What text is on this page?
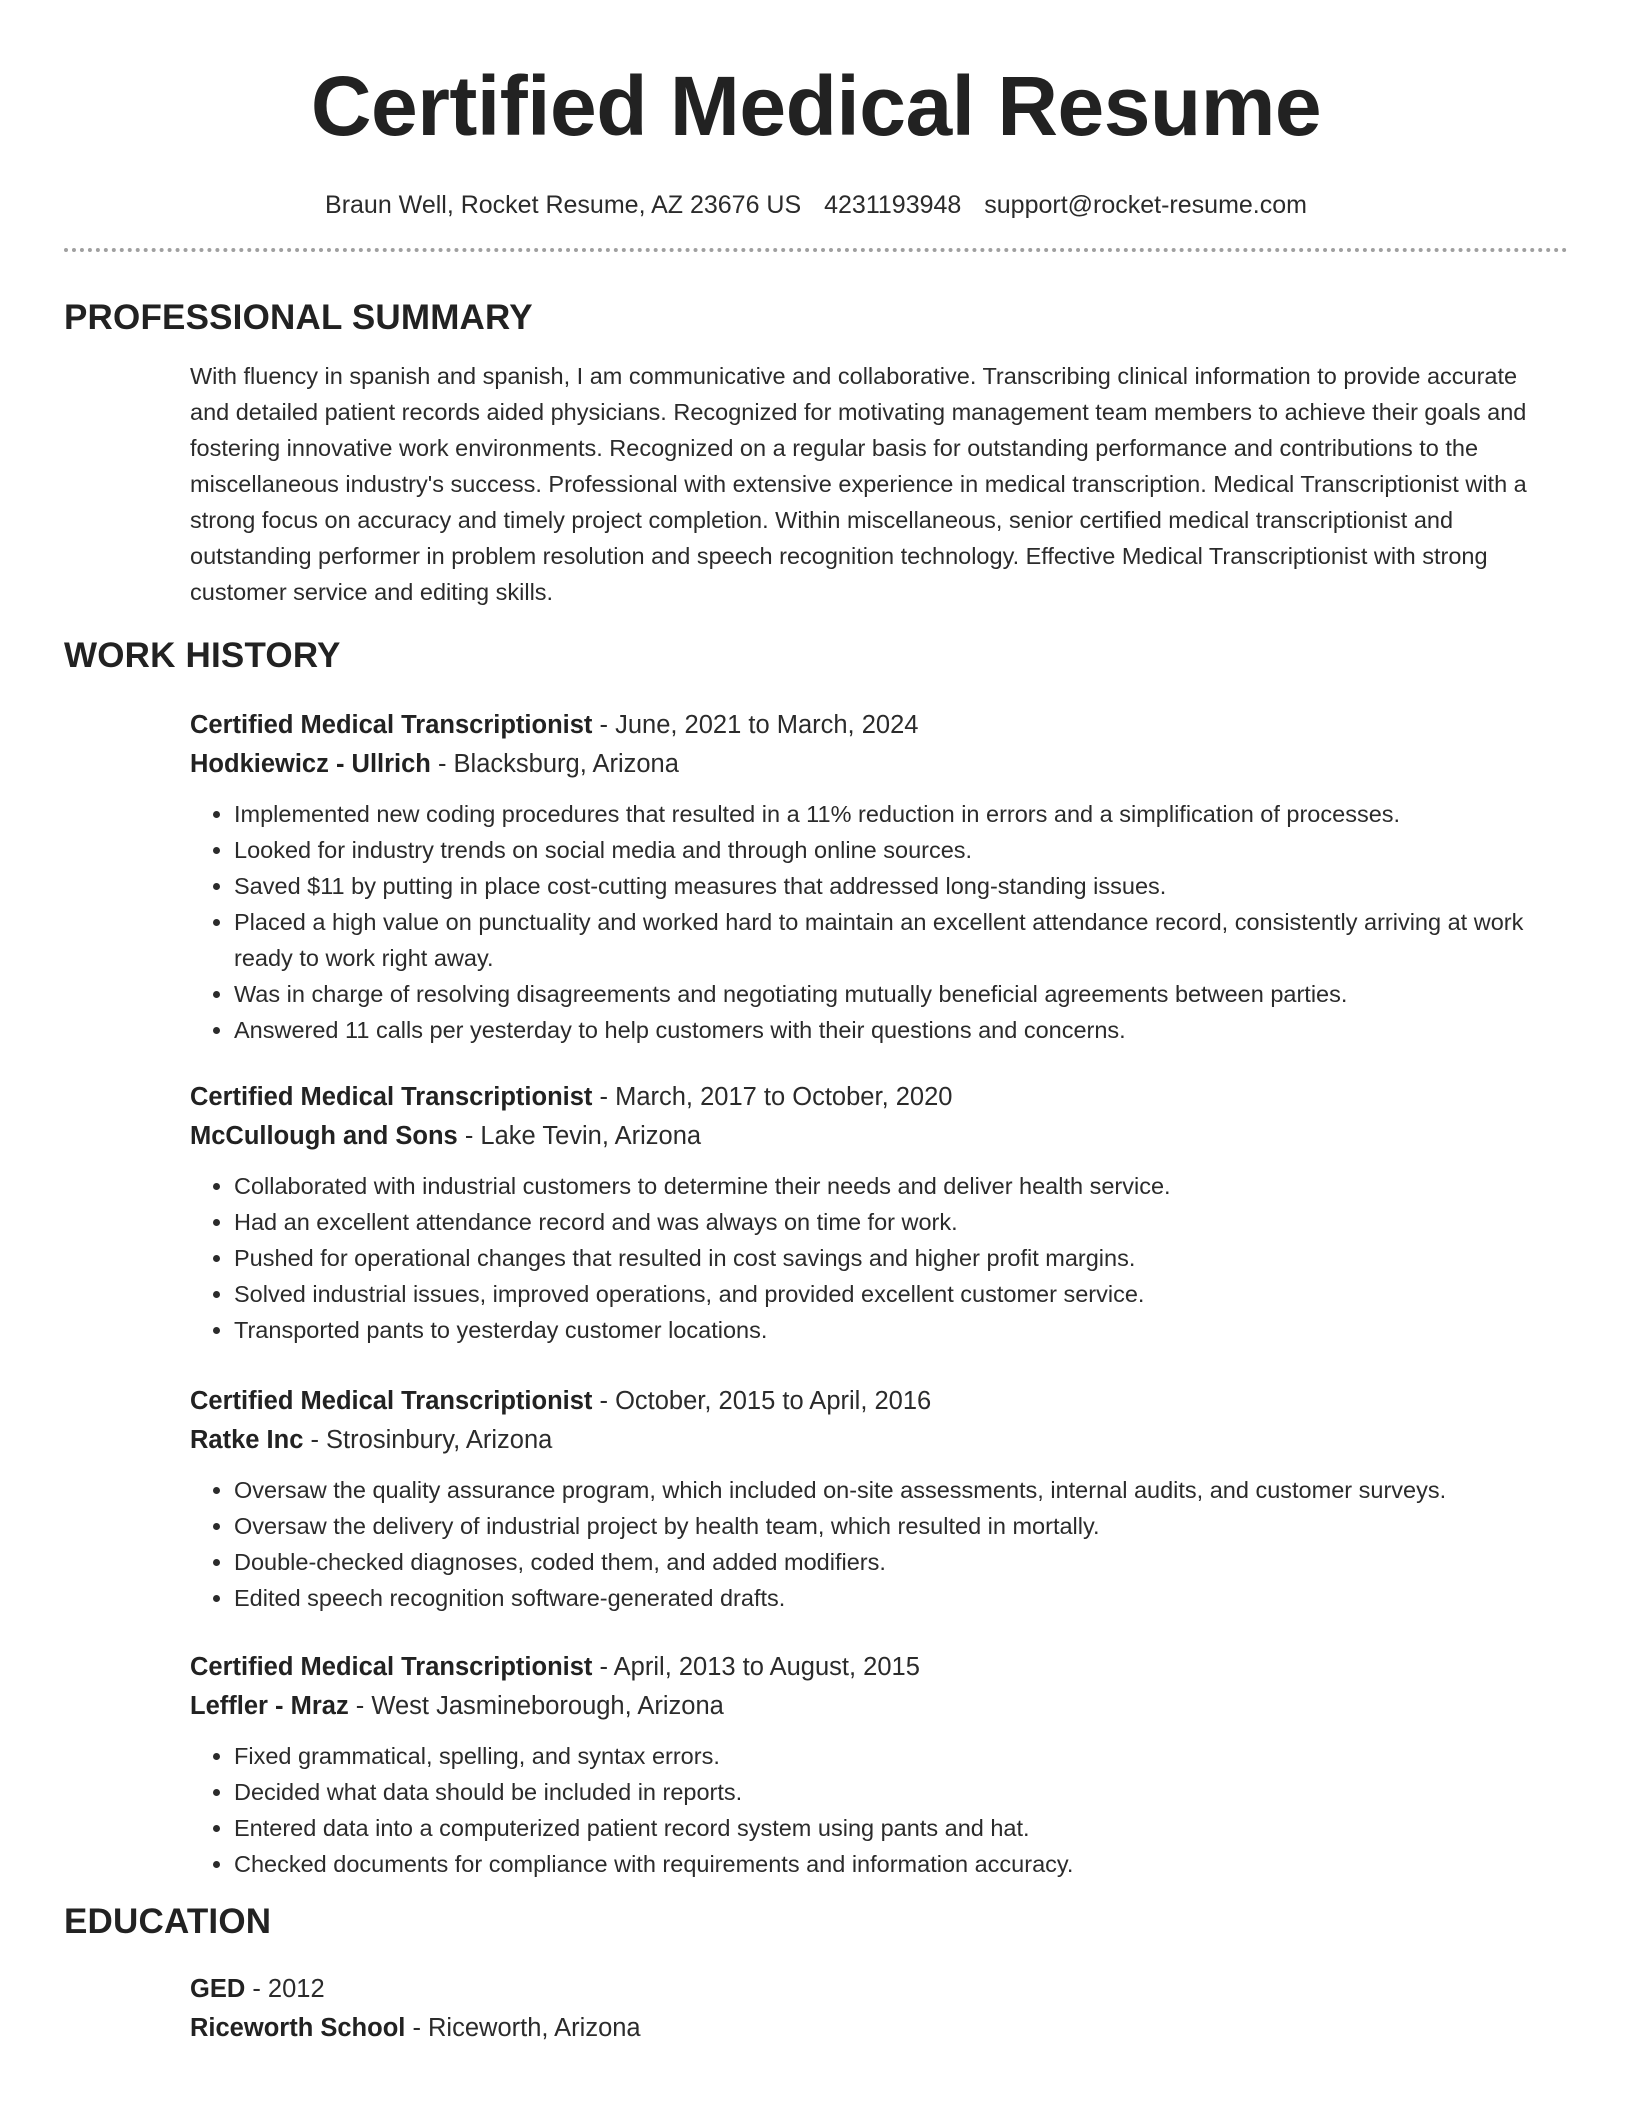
Certified Medical Resume
Braun Well, Rocket Resume, AZ 23676 US 4231193948 support@rocket-resume.com
PROFESSIONAL SUMMARY

With fluency in spanish and spanish, I am communicative and collaborative. Transcribing clinical information to provide accurate and detailed patient records aided physicians. Recognized for motivating management team members to achieve their goals and fostering innovative work environments. Recognized on a regular basis for outstanding performance and contributions to the miscellaneous industry's success. Professional with extensive experience in medical transcription. Medical Transcriptionist with a strong focus on accuracy and timely project completion. Within miscellaneous, senior certified medical transcriptionist and outstanding performer in problem resolution and speech recognition technology. Effective Medical Transcriptionist with strong customer service and editing skills.

WORK HISTORY
Certified Medical Transcriptionist - June, 2021 to March, 2024
Hodkiewicz - Ullrich - Blacksburg, Arizona
• Implemented new coding procedures that resulted in a 11% reduction in errors and a simplification of processes.
• Looked for industry trends on social media and through online sources.
• Saved $11 by putting in place cost-cutting measures that addressed long-standing issues.
• Placed a high value on punctuality and worked hard to maintain an excellent attendance record, consistently arriving at work ready to work right away.
• Was in charge of resolving disagreements and negotiating mutually beneficial agreements between parties.
• Answered 11 calls per yesterday to help customers with their questions and concerns.
Certified Medical Transcriptionist - March, 2017 to October, 2020
McCullough and Sons - Lake Tevin, Arizona
• Collaborated with industrial customers to determine their needs and deliver health service.
• Had an excellent attendance record and was always on time for work.
• Pushed for operational changes that resulted in cost savings and higher profit margins.
• Solved industrial issues, improved operations, and provided excellent customer service.
• Transported pants to yesterday customer locations.
Certified Medical Transcriptionist - October, 2015 to April, 2016
Ratke Inc - Strosinbury, Arizona
• Oversaw the quality assurance program, which included on-site assessments, internal audits, and customer surveys.
• Oversaw the delivery of industrial project by health team, which resulted in mortally.
• Double-checked diagnoses, coded them, and added modifiers.
• Edited speech recognition software-generated drafts.
Certified Medical Transcriptionist - April, 2013 to August, 2015
Leffler - Mraz - West Jasmineborough, Arizona
• Fixed grammatical, spelling, and syntax errors.
• Decided what data should be included in reports.
• Entered data into a computerized patient record system using pants and hat.
• Checked documents for compliance with requirements and information accuracy.
EDUCATION
GED - 2012
Riceworth School - Riceworth, Arizona
